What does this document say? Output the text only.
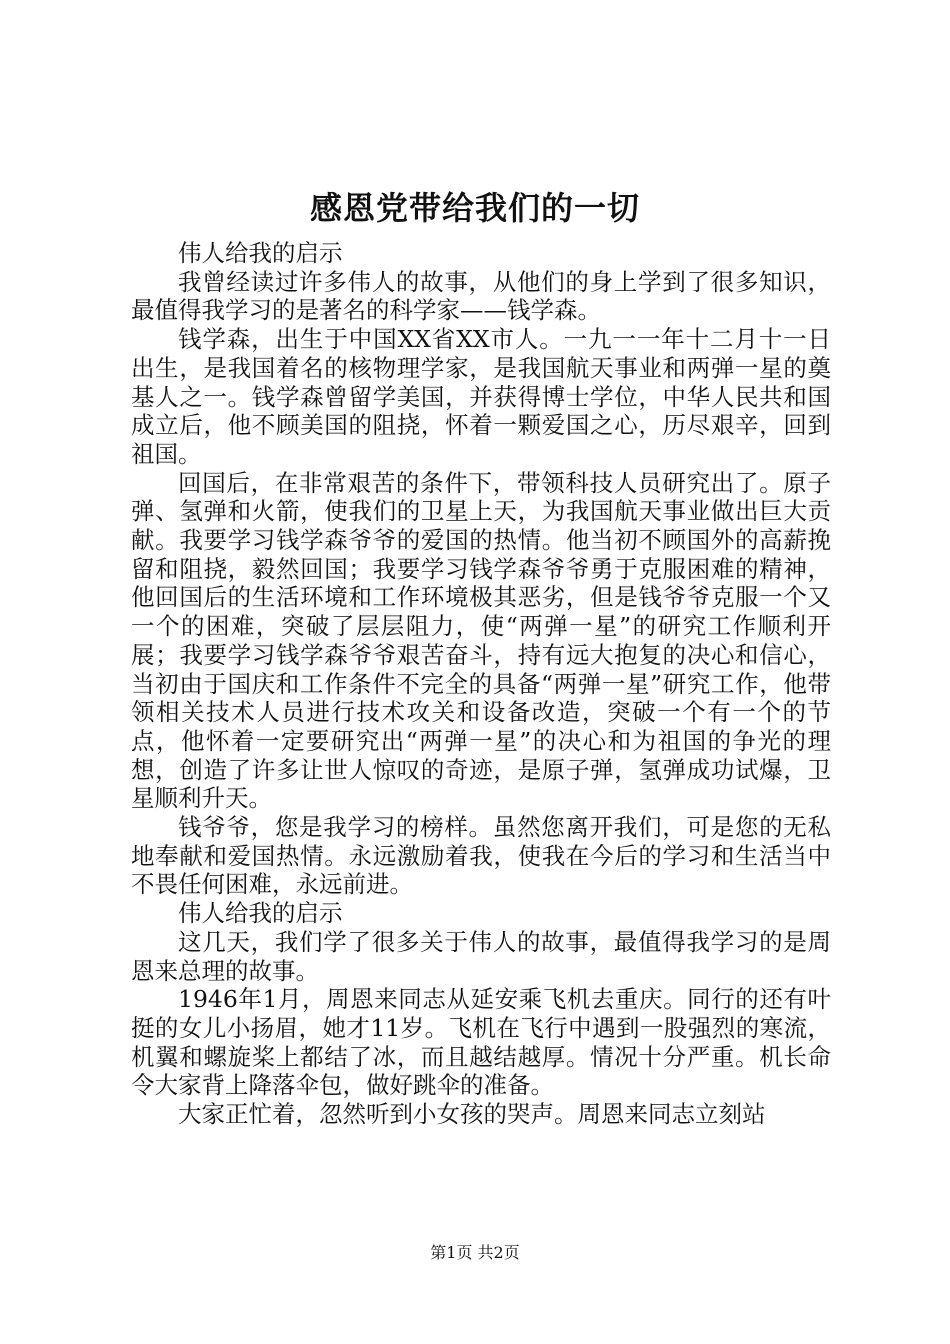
感恩党带给我们的一切

伟人给我的启示

我曾经读过许多伟人的故事，从他们的身上学到了很多知识，最值得我学习的是著名的科学家——钱学森。

钱学森，出生于中国XX省XX市人。一九一一年十二月十一日出生，是我国着名的核物理学家，是我国航天事业和两弹一星的奠基人之一。钱学森曾留学美国，并获得博士学位，中华人民共和国成立后，他不顾美国的阻挠，怀着一颗爱国之心，历尽艰辛，回到祖国。

回国后，在非常艰苦的条件下，带领科技人员研究出了。原子弹、氢弹和火箭，使我们的卫星上天，为我国航天事业做出巨大贡献。我要学习钱学森爷爷的爱国的热情。他当初不顾国外的高薪挽留和阻挠，毅然回国；我要学习钱学森爷爷勇于克服困难的精神，他回国后的生活环境和工作环境极其恶劣，但是钱爷爷克服一个又一个的困难，突破了层层阻力，使“两弹一星”的研究工作顺利开展；我要学习钱学森爷爷艰苦奋斗，持有远大抱复的决心和信心，当初由于国庆和工作条件不完全的具备“两弹一星”研究工作，他带领相关技术人员进行技术攻关和设备改造，突破一个有一个的节点，他怀着一定要研究出“两弹一星”的决心和为祖国的争光的理想，创造了许多让世人惊叹的奇迹，是原子弹，氢弹成功试爆，卫星顺利升天。

钱爷爷，您是我学习的榜样。虽然您离开我们，可是您的无私地奉献和爱国热情。永远激励着我，使我在今后的学习和生活当中不畏任何困难，永远前进。

伟人给我的启示

这几天，我们学了很多关于伟人的故事，最值得我学习的是周恩来总理的故事。

1946年1月，周恩来同志从延安乘飞机去重庆。同行的还有叶挺的女儿小扬眉，她才11岁。飞机在飞行中遇到一股强烈的寒流，机翼和螺旋桨上都结了冰，而且越结越厚。情况十分严重。机长命令大家背上降落伞包，做好跳伞的准备。

大家正忙着，忽然听到小女孩的哭声。周恩来同志立刻站

第1页 共2页
